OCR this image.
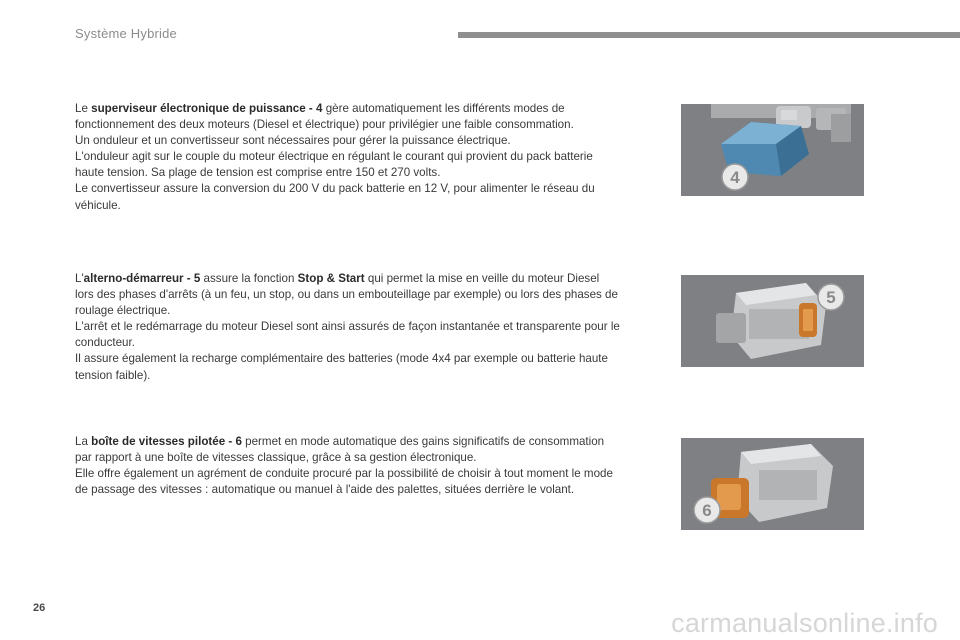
Système Hybride

Le superviseur électronique de puissance - 4 gère automatiquement les différents modes de fonctionnement des deux moteurs (Diesel et électrique) pour privilégier une faible consommation.

Un onduleur et un convertisseur sont nécessaires pour gérer la puissance électrique.

L'onduleur agit sur le couple du moteur électrique en régulant le courant qui provient du pack batterie haute tension. Sa plage de tension est comprise entre 150 et 270 volts.

Le convertisseur assure la conversion du 200 V du pack batterie en 12 V, pour alimenter le réseau du véhicule.

4

L'alterno-démarreur - 5 assure la fonction Stop & Start qui permet la mise en veille du moteur Diesel lors des phases d'arrêts (à un feu, un stop, ou dans un embouteillage par exemple) ou lors des phases de roulage électrique.

L'arrêt et le redémarrage du moteur Diesel sont ainsi assurés de façon instantanée et transparente pour le conducteur.

Il assure également la recharge complémentaire des batteries (mode 4x4 par exemple ou batterie haute tension faible).

5

La boîte de vitesses pilotée - 6 permet en mode automatique des gains significatifs de consommation par rapport à une boîte de vitesses classique, grâce à sa gestion électronique.

Elle offre également un agrément de conduite procuré par la possibilité de choisir à tout moment le mode de passage des vitesses : automatique ou manuel à l'aide des palettes, situées derrière le volant.

6
26	carmanualsonline.info
